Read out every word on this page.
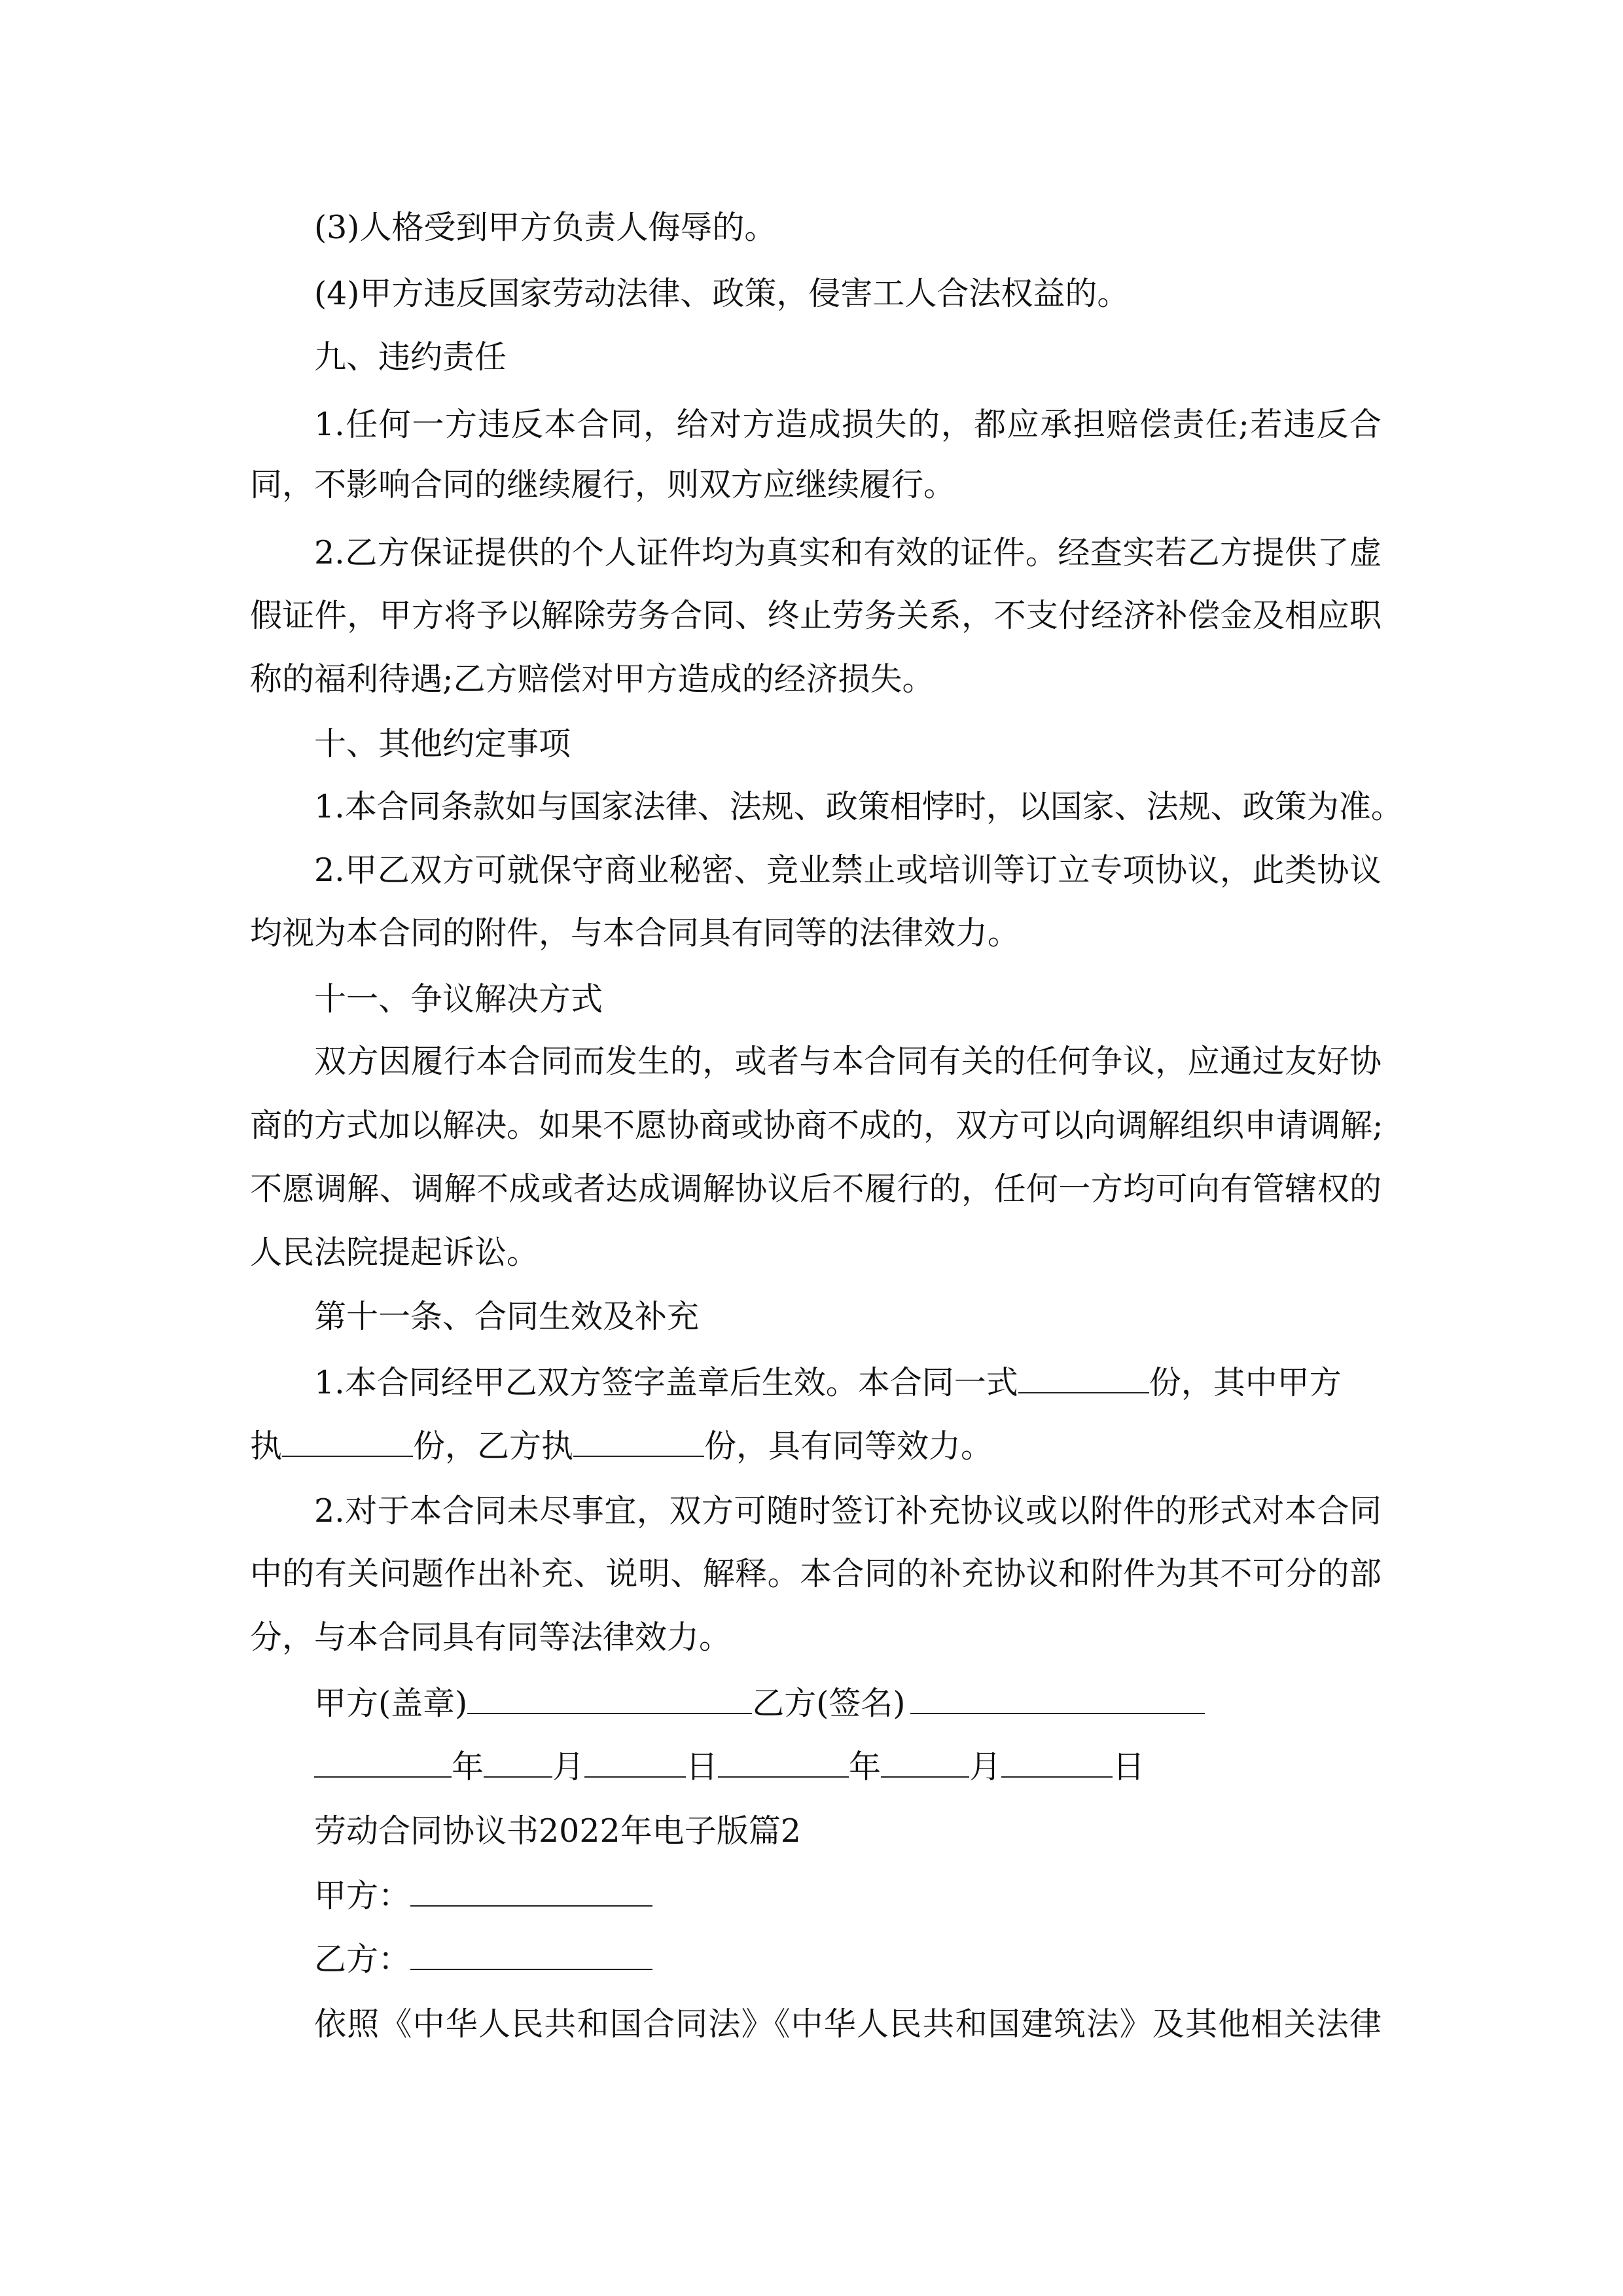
(3)人格受到甲方负责人侮辱的。
(4)甲方违反国家劳动法律、政策，侵害工人合法权益的。
九、违约责任
1.任何一方违反本合同，给对方造成损失的，都应承担赔偿责任;若违反合
同，不影响合同的继续履行，则双方应继续履行。
2.乙方保证提供的个人证件均为真实和有效的证件。经查实若乙方提供了虚
假证件，甲方将予以解除劳务合同、终止劳务关系，不支付经济补偿金及相应职
称的福利待遇;乙方赔偿对甲方造成的经济损失。
十、其他约定事项
1.本合同条款如与国家法律、法规、政策相悖时，以国家、法规、政策为准。
2.甲乙双方可就保守商业秘密、竞业禁止或培训等订立专项协议，此类协议
均视为本合同的附件，与本合同具有同等的法律效力。
十一、争议解决方式
双方因履行本合同而发生的，或者与本合同有关的任何争议，应通过友好协
商的方式加以解决。如果不愿协商或协商不成的，双方可以向调解组织申请调解;
不愿调解、调解不成或者达成调解协议后不履行的，任何一方均可向有管辖权的
人民法院提起诉讼。
第十一条、合同生效及补充
1.本合同经甲乙双方签字盖章后生效。本合同一式	份，其中甲方
执	份，乙方执	份，具有同等效力。
2.对于本合同未尽事宜，双方可随时签订补充协议或以附件的形式对本合同
中的有关问题作出补充、说明、解释。本合同的补充协议和附件为其不可分的部
分，与本合同具有同等法律效力。
甲方(盖章)	乙方(签名)
年 月	日	年	月	日
劳动合同协议书2022年电子版篇2
甲方：
乙方：
依照《中华人民共和国合同法》《中华人民共和国建筑法》及其他相关法律
